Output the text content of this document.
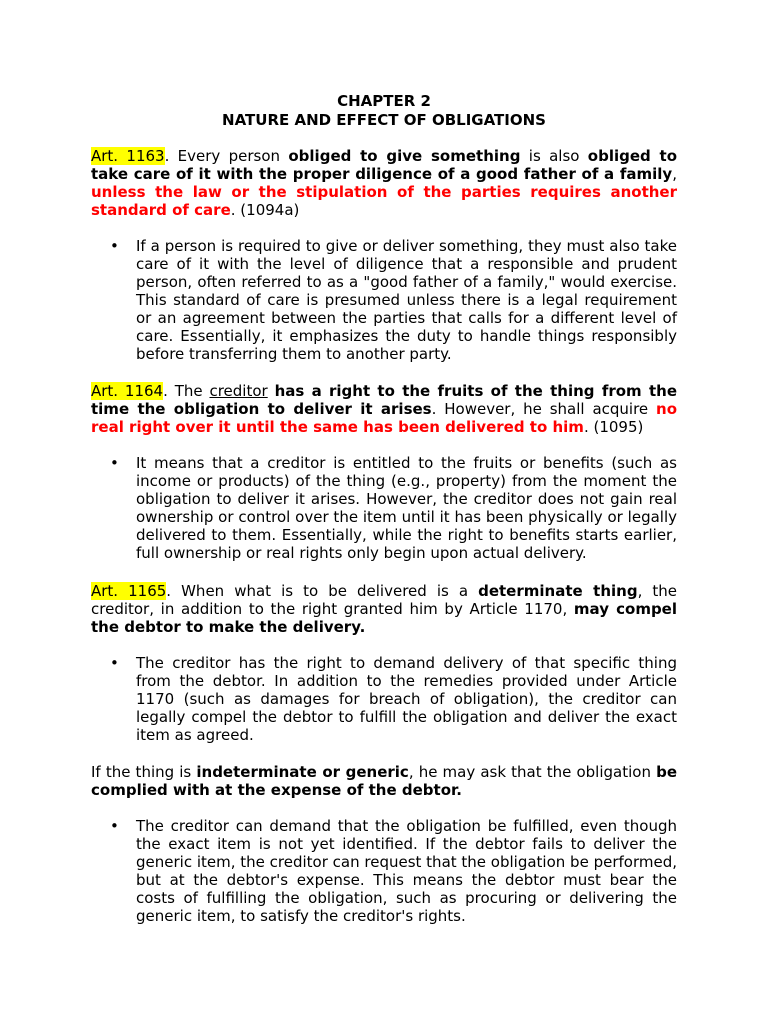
CHAPTER 2
NATURE AND EFFECT OF OBLIGATIONS
Art. 1163. Every person obliged to give something is also obliged to take care of it with the proper diligence of a good father of a family, unless the law or the stipulation of the parties requires another standard of care. (1094a)
• If a person is required to give or deliver something, they must also take care of it with the level of diligence that a responsible and prudent person, often referred to as a "good father of a family," would exercise. This standard of care is presumed unless there is a legal requirement or an agreement between the parties that calls for a different level of care. Essentially, it emphasizes the duty to handle things responsibly before transferring them to another party.
Art. 1164. The creditor has a right to the fruits of the thing from the time the obligation to deliver it arises. However, he shall acquire no real right over it until the same has been delivered to him. (1095)
• It means that a creditor is entitled to the fruits or benefits (such as income or products) of the thing (e.g., property) from the moment the obligation to deliver it arises. However, the creditor does not gain real ownership or control over the item until it has been physically or legally delivered to them. Essentially, while the right to benefits starts earlier, full ownership or real rights only begin upon actual delivery.
Art. 1165. When what is to be delivered is a determinate thing, the creditor, in addition to the right granted him by Article 1170, may compel the debtor to make the delivery.
• The creditor has the right to demand delivery of that specific thing from the debtor. In addition to the remedies provided under Article 1170 (such as damages for breach of obligation), the creditor can legally compel the debtor to fulfill the obligation and deliver the exact item as agreed.
If the thing is indeterminate or generic, he may ask that the obligation be complied with at the expense of the debtor.
• The creditor can demand that the obligation be fulfilled, even though the exact item is not yet identified. If the debtor fails to deliver the generic item, the creditor can request that the obligation be performed, but at the debtor's expense. This means the debtor must bear the costs of fulfilling the obligation, such as procuring or delivering the generic item, to satisfy the creditor's rights.
